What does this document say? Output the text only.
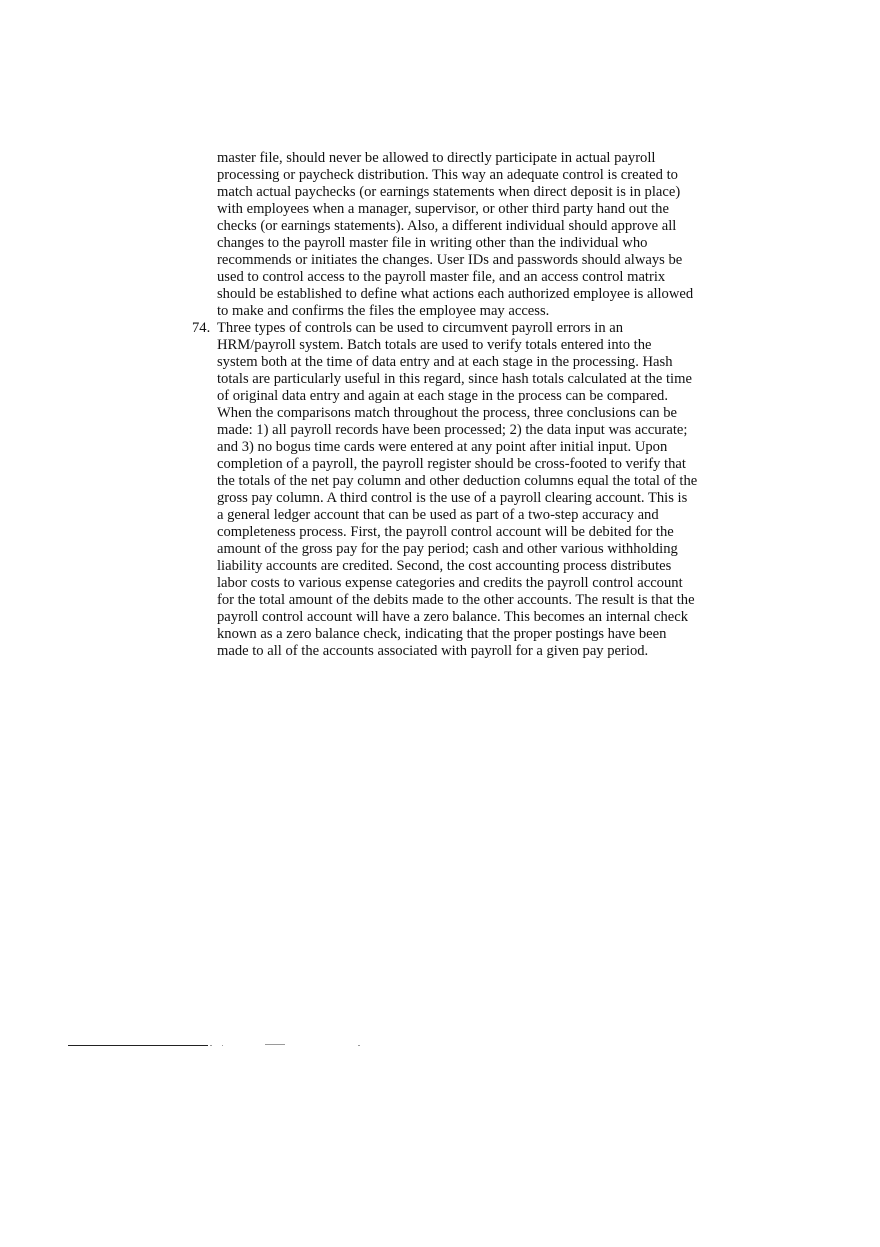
master file, should never be allowed to directly participate in actual payroll
processing or paycheck distribution. This way an adequate control is created to
match actual paychecks (or earnings statements when direct deposit is in place)
with employees when a manager, supervisor, or other third party hand out the
checks (or earnings statements). Also, a different individual should approve all
changes to the payroll master file in writing other than the individual who
recommends or initiates the changes. User IDs and passwords should always be
used to control access to the payroll master file, and an access control matrix
should be established to define what actions each authorized employee is allowed
to make and confirms the files the employee may access.
74. Three types of controls can be used to circumvent payroll errors in an
HRM/payroll system. Batch totals are used to verify totals entered into the
system both at the time of data entry and at each stage in the processing. Hash
totals are particularly useful in this regard, since hash totals calculated at the time
of original data entry and again at each stage in the process can be compared.
When the comparisons match throughout the process, three conclusions can be
made: 1) all payroll records have been processed; 2) the data input was accurate;
and 3) no bogus time cards were entered at any point after initial input. Upon
completion of a payroll, the payroll register should be cross-footed to verify that
the totals of the net pay column and other deduction columns equal the total of the
gross pay column. A third control is the use of a payroll clearing account. This is
a general ledger account that can be used as part of a two-step accuracy and
completeness process. First, the payroll control account will be debited for the
amount of the gross pay for the pay period; cash and other various withholding
liability accounts are credited. Second, the cost accounting process distributes
labor costs to various expense categories and credits the payroll control account
for the total amount of the debits made to the other accounts. The result is that the
payroll control account will have a zero balance. This becomes an internal check
known as a zero balance check, indicating that the proper postings have been
made to all of the accounts associated with payroll for a given pay period.
